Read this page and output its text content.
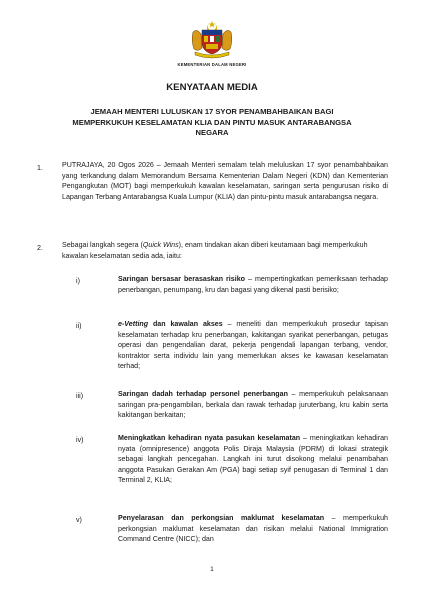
KEMENTERIAN DALAM NEGERI
KENYATAAN MEDIA
JEMAAH MENTERI LULUSKAN 17 SYOR PENAMBAHBAIKAN BAGI MEMPERKUKUH KESELAMATAN KLIA DAN PINTU MASUK ANTARABANGSA NEGARA
1.	PUTRAJAYA, 20 Ogos 2026 – Jemaah Menteri semalam telah meluluskan 17 syor penambahbaikan yang terkandung dalam Memorandum Bersama Kementerian Dalam Negeri (KDN) dan Kementerian Pengangkutan (MOT) bagi memperkukuh kawalan keselamatan, saringan serta pengurusan risiko di Lapangan Terbang Antarabangsa Kuala Lumpur (KLIA) dan pintu-pintu masuk antarabangsa negara.
2.	Sebagai langkah segera (Quick Wins), enam tindakan akan diberi keutamaan bagi memperkukuh kawalan keselamatan sedia ada, iaitu:
i)	Saringan bersasar berasaskan risiko – mempertingkatkan pemeriksaan terhadap penerbangan, penumpang, kru dan bagasi yang dikenal pasti berisiko;
ii)	e-Vetting dan kawalan akses – meneliti dan memperkukuh prosedur tapisan keselamatan terhadap kru penerbangan, kakitangan syarikat penerbangan, petugas operasi dan pengendalian darat, pekerja pengendali lapangan terbang, vendor, kontraktor serta individu lain yang memerlukan akses ke kawasan keselamatan terhad;
iii)	Saringan dadah terhadap personel penerbangan – memperkukuh pelaksanaan saringan pra-pengambilan, berkala dan rawak terhadap juruterbang, kru kabin serta kakitangan berkaitan;
iv)	Meningkatkan kehadiran nyata pasukan keselamatan – meningkatkan kehadiran nyata (omnipresence) anggota Polis Diraja Malaysia (PDRM) di lokasi strategik sebagai langkah pencegahan. Langkah ini turut disokong melalui penambahan anggota Pasukan Gerakan Am (PGA) bagi setiap syif penugasan di Terminal 1 dan Terminal 2, KLIA;
v)	Penyelarasan dan perkongsian maklumat keselamatan – memperkukuh perkongsian maklumat keselamatan dan risikan melalui National Immigration Command Centre (NICC); dan
1
